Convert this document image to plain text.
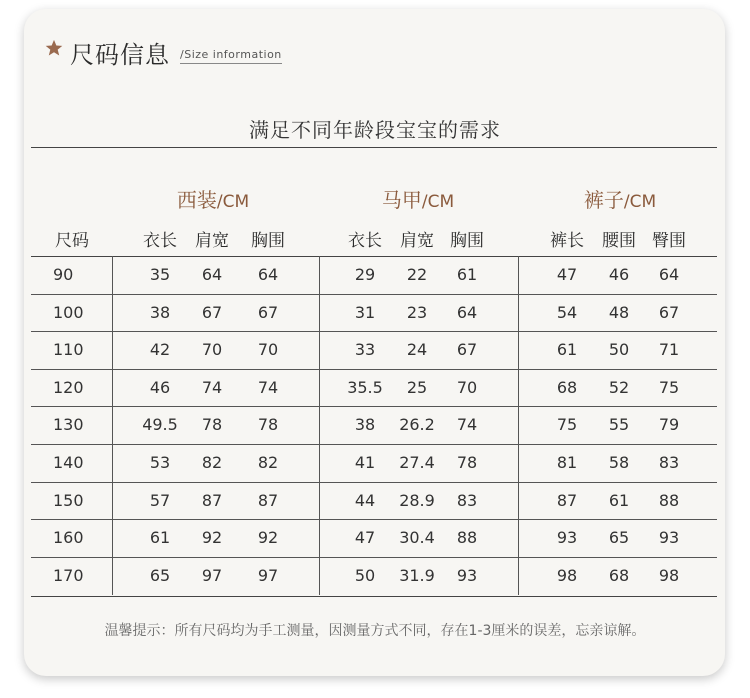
尺码信息 /Size information
满足不同年龄段宝宝的需求
尺码
西装/CM
衣长 肩宽 胸围
马甲/CM
衣长 肩宽 胸围
裤子/CM
裤长 腰围 臀围
90	35 64 64	29 22 61	47 46 64
100	38 67 67	31 23 64	54 48 67
110	42 70 70	33 24 67	61 50 71
120	46 74 74	35.5 25 70	68 52 75
130	49.5 78 78	38 26.2 74	75 55 79
140	53 82 82	41 27.4 78	81 58 83
150	57 87 87	44 28.9 83	87 61 88
160	61 92 92	47 30.4 88	93 65 93
170	65 97 97	50 31.9 93	98 68 98
温馨提示：所有尺码均为手工测量，因测量方式不同，存在1-3厘米的误差，忘亲谅解。
